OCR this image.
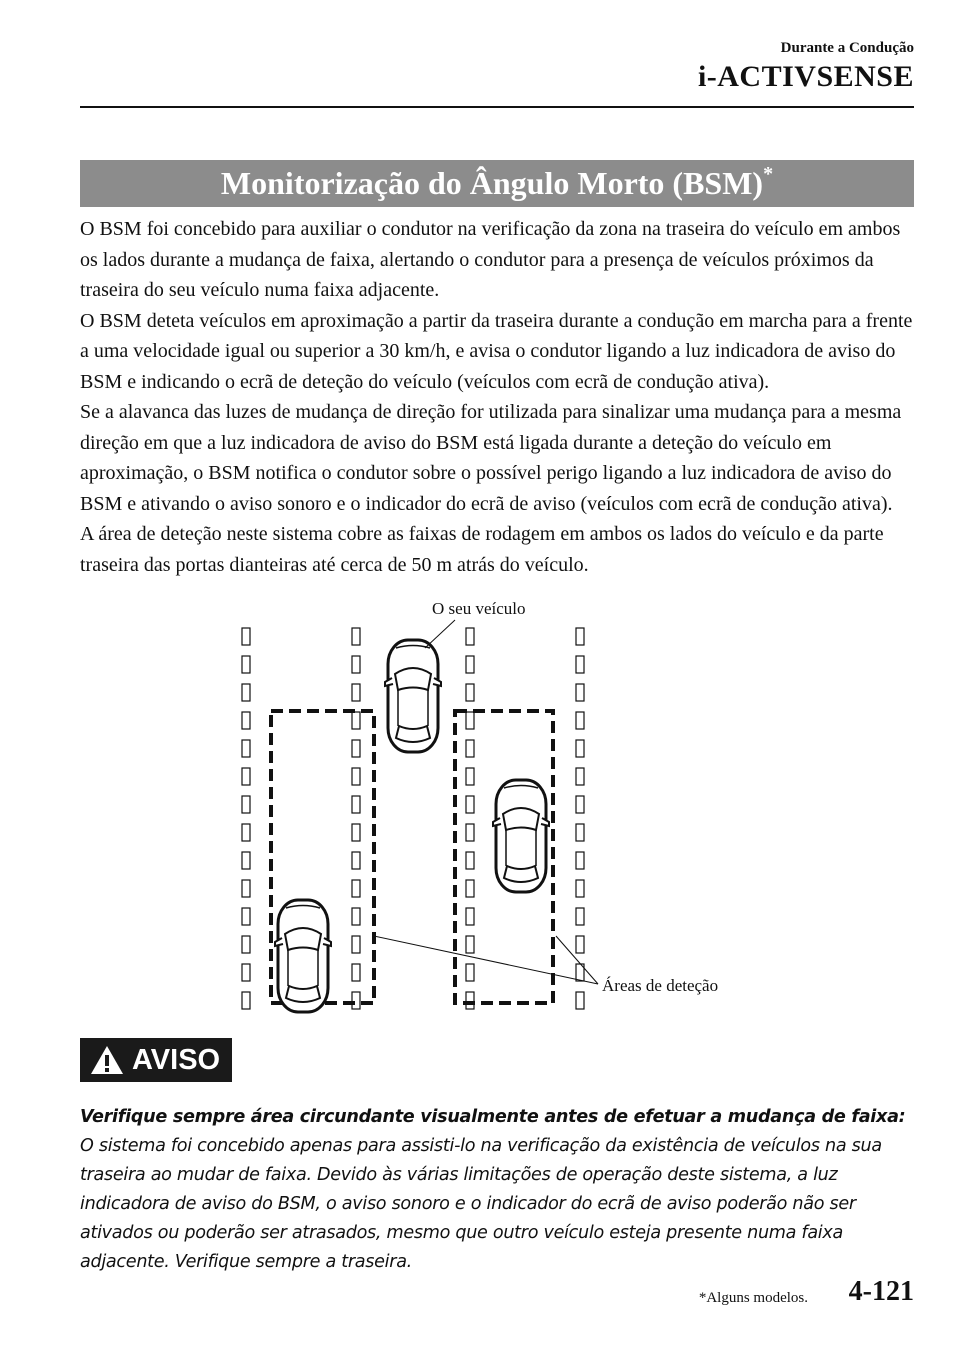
Durante a Condução
i-ACTIVSENSE
Monitorização do Ângulo Morto (BSM)*

O BSM foi concebido para auxiliar o condutor na verificação da zona na traseira do veículo em ambos os lados durante a mudança de faixa, alertando o condutor para a presença de veículos próximos da traseira do seu veículo numa faixa adjacente.

O BSM deteta veículos em aproximação a partir da traseira durante a condução em marcha para a frente a uma velocidade igual ou superior a 30 km/h, e avisa o condutor ligando a luz indicadora de aviso do BSM e indicando o ecrã de deteção do veículo (veículos com ecrã de condução ativa).

Se a alavanca das luzes de mudança de direção for utilizada para sinalizar uma mudança para a mesma direção em que a luz indicadora de aviso do BSM está ligada durante a deteção do veículo em aproximação, o BSM notifica o condutor sobre o possível perigo ligando a luz indicadora de aviso do BSM e ativando o aviso sonoro e o indicador do ecrã de aviso (veículos com ecrã de condução ativa).

A área de deteção neste sistema cobre as faixas de rodagem em ambos os lados do veículo e da parte traseira das portas dianteiras até cerca de 50 m atrás do veículo.

O seu veículo
Áreas de deteção
AVISO

Verifique sempre área circundante visualmente antes de efetuar a mudança de faixa:

O sistema foi concebido apenas para assisti-lo na verificação da existência de veículos na sua traseira ao mudar de faixa. Devido às várias limitações de operação deste sistema, a luz indicadora de aviso do BSM, o aviso sonoro e o indicador do ecrã de aviso poderão não ser ativados ou poderão ser atrasados, mesmo que outro veículo esteja presente numa faixa adjacente. Verifique sempre a traseira.

*Alguns modelos. 4-121
